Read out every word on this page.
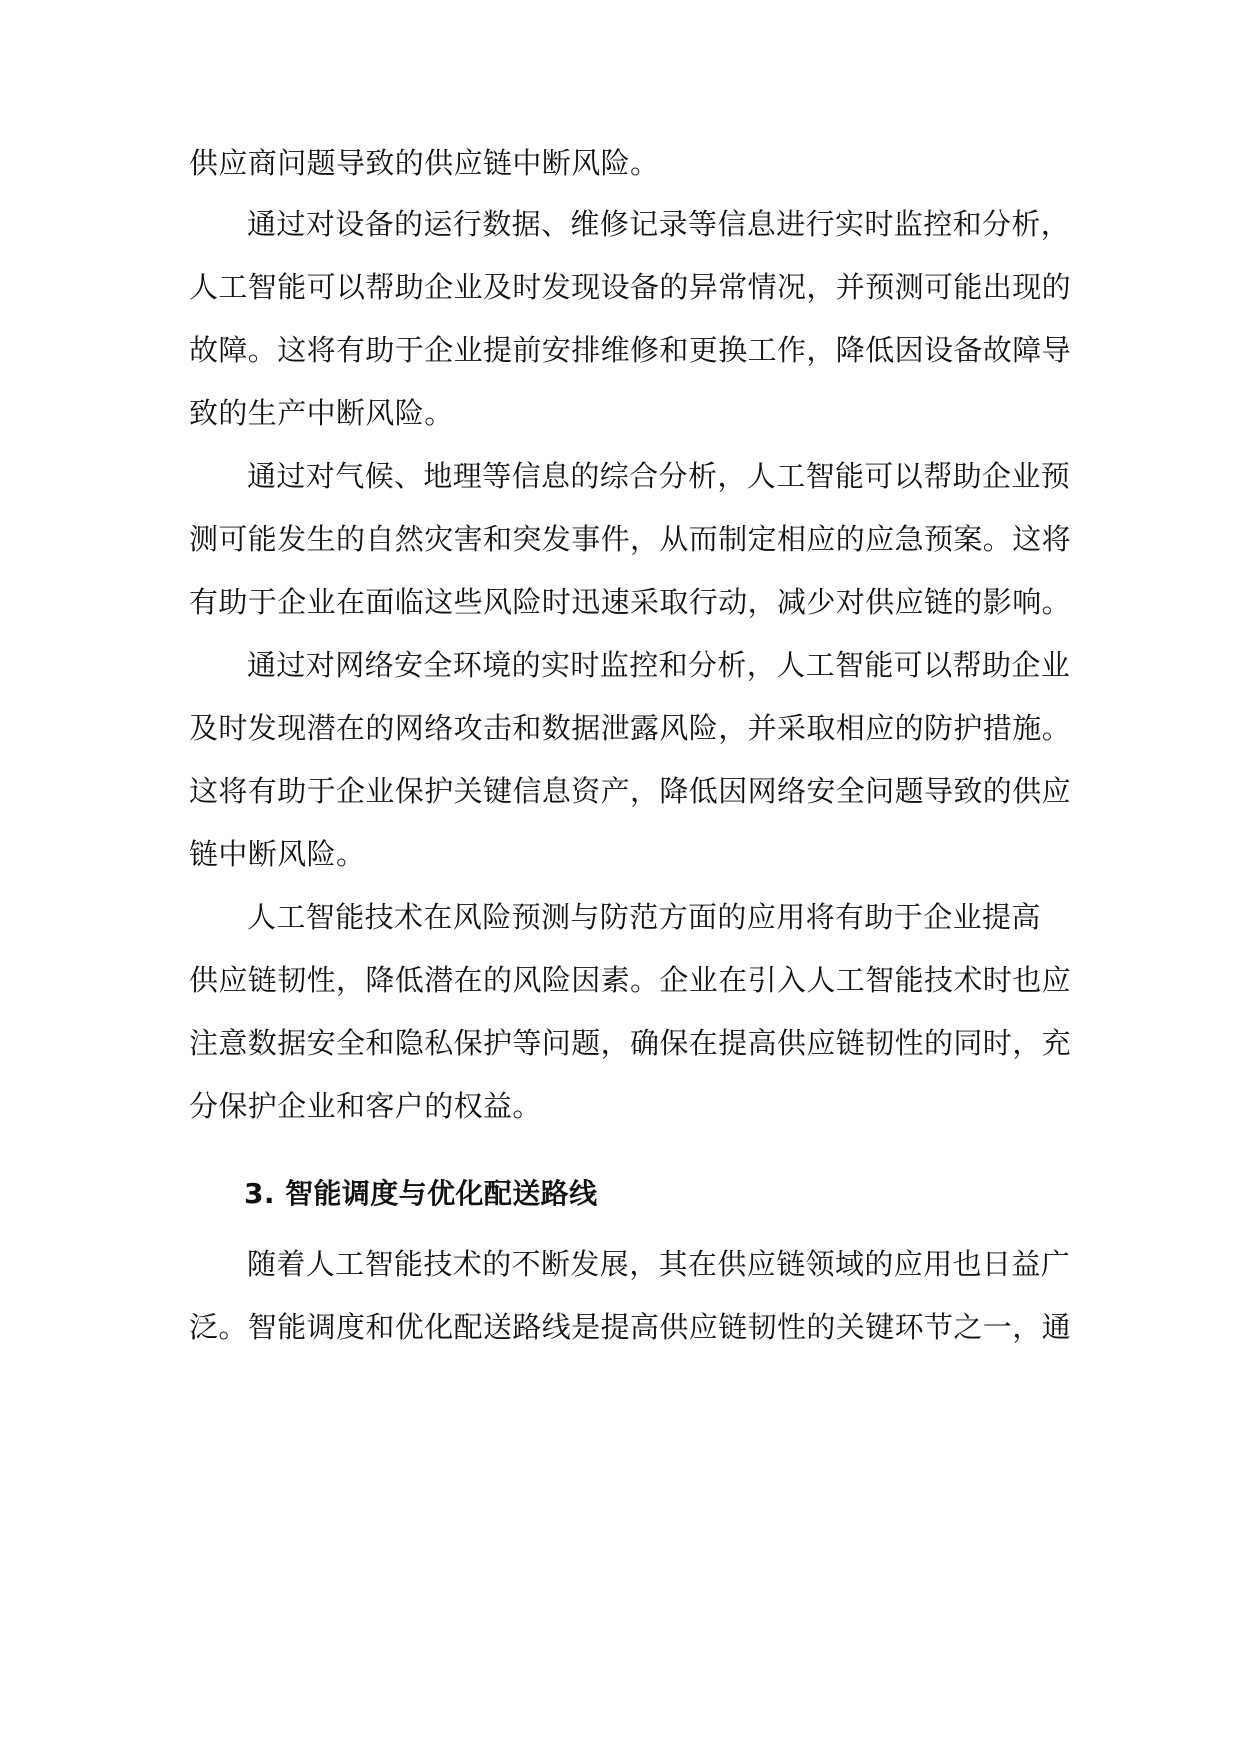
供应商问题导致的供应链中断风险。
通过对设备的运行数据、维修记录等信息进行实时监控和分析，
人工智能可以帮助企业及时发现设备的异常情况，并预测可能出现的
故障。这将有助于企业提前安排维修和更换工作，降低因设备故障导
致的生产中断风险。
通过对气候、地理等信息的综合分析，人工智能可以帮助企业预
测可能发生的自然灾害和突发事件，从而制定相应的应急预案。这将
有助于企业在面临这些风险时迅速采取行动，减少对供应链的影响。
通过对网络安全环境的实时监控和分析，人工智能可以帮助企业
及时发现潜在的网络攻击和数据泄露风险，并采取相应的防护措施。
这将有助于企业保护关键信息资产，降低因网络安全问题导致的供应
链中断风险。
人工智能技术在风险预测与防范方面的应用将有助于企业提高
供应链韧性，降低潜在的风险因素。企业在引入人工智能技术时也应
注意数据安全和隐私保护等问题，确保在提高供应链韧性的同时，充
分保护企业和客户的权益。
3. 智能调度与优化配送路线
随着人工智能技术的不断发展，其在供应链领域的应用也日益广
泛。智能调度和优化配送路线是提高供应链韧性的关键环节之一，通
